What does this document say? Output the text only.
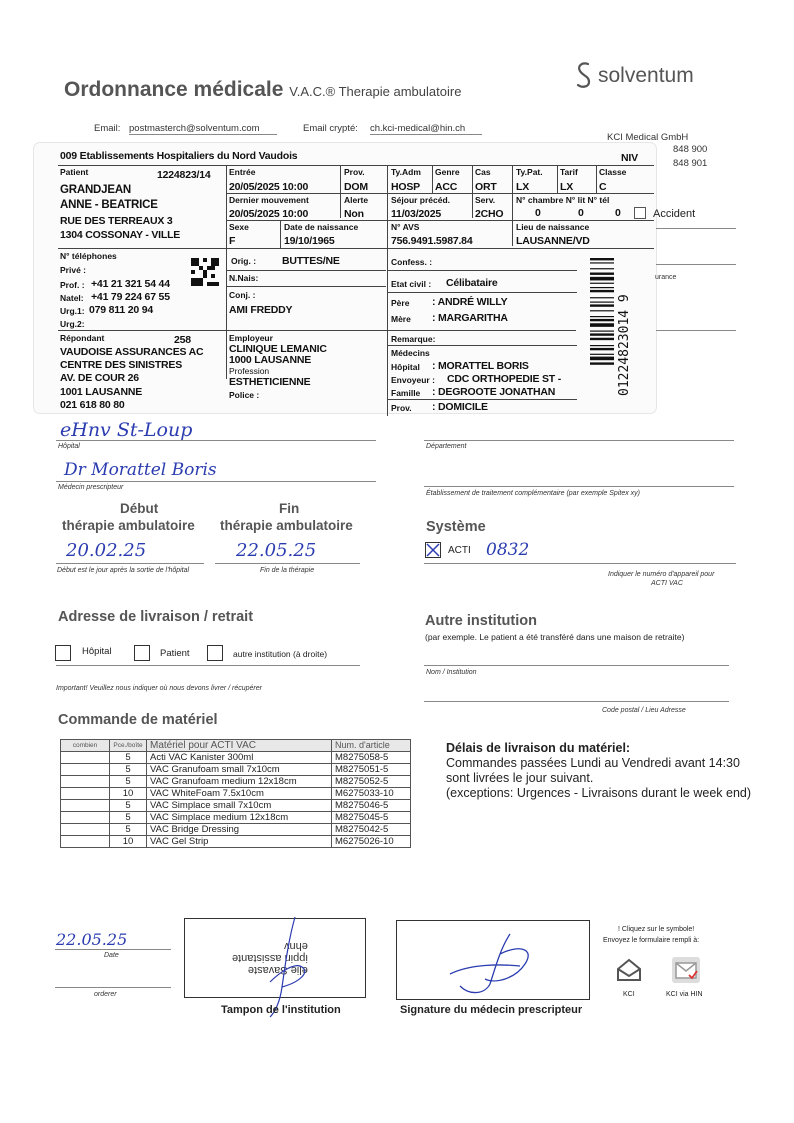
Ordonnance médicale V.A.C.® Therapie ambulatoire
solventum
Email: postmasterch@solventum.com	Email crypté: ch.kci-medical@hin.ch
KCI Medical GmbH
848 900
848 901
009 Etablissements Hospitaliers du Nord Vaudois	NIV
Patient	1224823/14
GRANDJEAN
ANNE - BEATRICE
RUE DES TERREAUX 3
1304 COSSONAY - VILLE
Entrée
20/05/2025 10:00
Dernier mouvement
20/05/2025 10:00
Prov.
DOM
Alerte
Non
Ty.Adm
HOSP
Genre
ACC
Cas
ORT
Ty.Pat.
LX
Tarif
LX
Classe
C
Séjour précéd.
11/03/2025
Serv.
2CHO
N° chambre N° lit N° tél
0	0	0
Sexe
F
Date de naissance
19/10/1965
N° AVS
756.9491.5987.84
Lieu de naissance
LAUSANNE/VD
N° téléphones
Privé :
Prof. : +41 21 321 54 44
Natel: +41 79 224 67 55
Urg.1: 079 811 20 94
Urg.2:
Orig. : BUTTES/NE
N.Nais:
Conj. :
AMI FREDDY
Confess. :
Etat civil : Célibataire
Père : ANDRÉ WILLY
Mère : MARGARITHA
Répondant	258
VAUDOISE ASSURANCES AC
CENTRE DES SINISTRES
AV. DE COUR 26
1001 LAUSANNE
021 618 80 80
Employeur
CLINIQUE LEMANIC
1000 LAUSANNE
Profession
ESTHETICIENNE
Police :
Remarque:
Médecins
Hôpital : MORATTEL BORIS
Envoyeur : CDC ORTHOPEDIE ST -
Famille : DEGROOTE JONATHAN
Prov. : DOMICILE
01224823014 9
Accident
urance
eHnv St-Loup
Hôpital	Département
Dr Morattel Boris
Médecin prescripteur
Établissement de traitement complémentaire (par exemple Spitex xy)
Début
thérapie ambulatoire
Fin
thérapie ambulatoire
20.02.25	22.05.25
Début est le jour après la sortie de l'hôpital	Fin de la thérapie
Système
ACTI 0832
Indiquer le numéro d'appareil pour
ACTI VAC
Adresse de livraison / retrait
Hôpital	Patient	autre institution (à droite)
Important! Veuillez nous indiquer où nous devons livrer / récupérer
Autre institution
(par exemple. Le patient a été transféré dans une maison de retraite)
Nom / Institution
Code postal / Lieu Adresse
Commande de matériel
combien	Pce./boîte	Matériel pour ACTI VAC	Num. d'article
	5	Acti VAC Kanister 300ml	M8275058-5
	5	VAC Granufoam small 7x10cm	M8275051-5
	5	VAC Granufoam medium 12x18cm	M8275052-5
	10	VAC WhiteFoam 7.5x10cm	M6275033-10
	5	VAC Simplace small 7x10cm	M8275046-5
	5	VAC Simplace medium 12x18cm	M8275045-5
	5	VAC Bridge Dressing	M8275042-5
	10	VAC Gel Strip	M6275026-10
Délais de livraison du matériel:
Commandes passées Lundi au Vendredi avant 14:30
sont livrées le jour suivant.
(exceptions: Urgences - Livraisons durant le week end)
22.05.25
Date
orderer
elie Savaste
ippin assistante
ehnv
Tampon de l'institution	Signature du médecin prescripteur
! Cliquez sur le symbole!
Envoyez le formulaire rempli à:
KCI	KCI via HIN
